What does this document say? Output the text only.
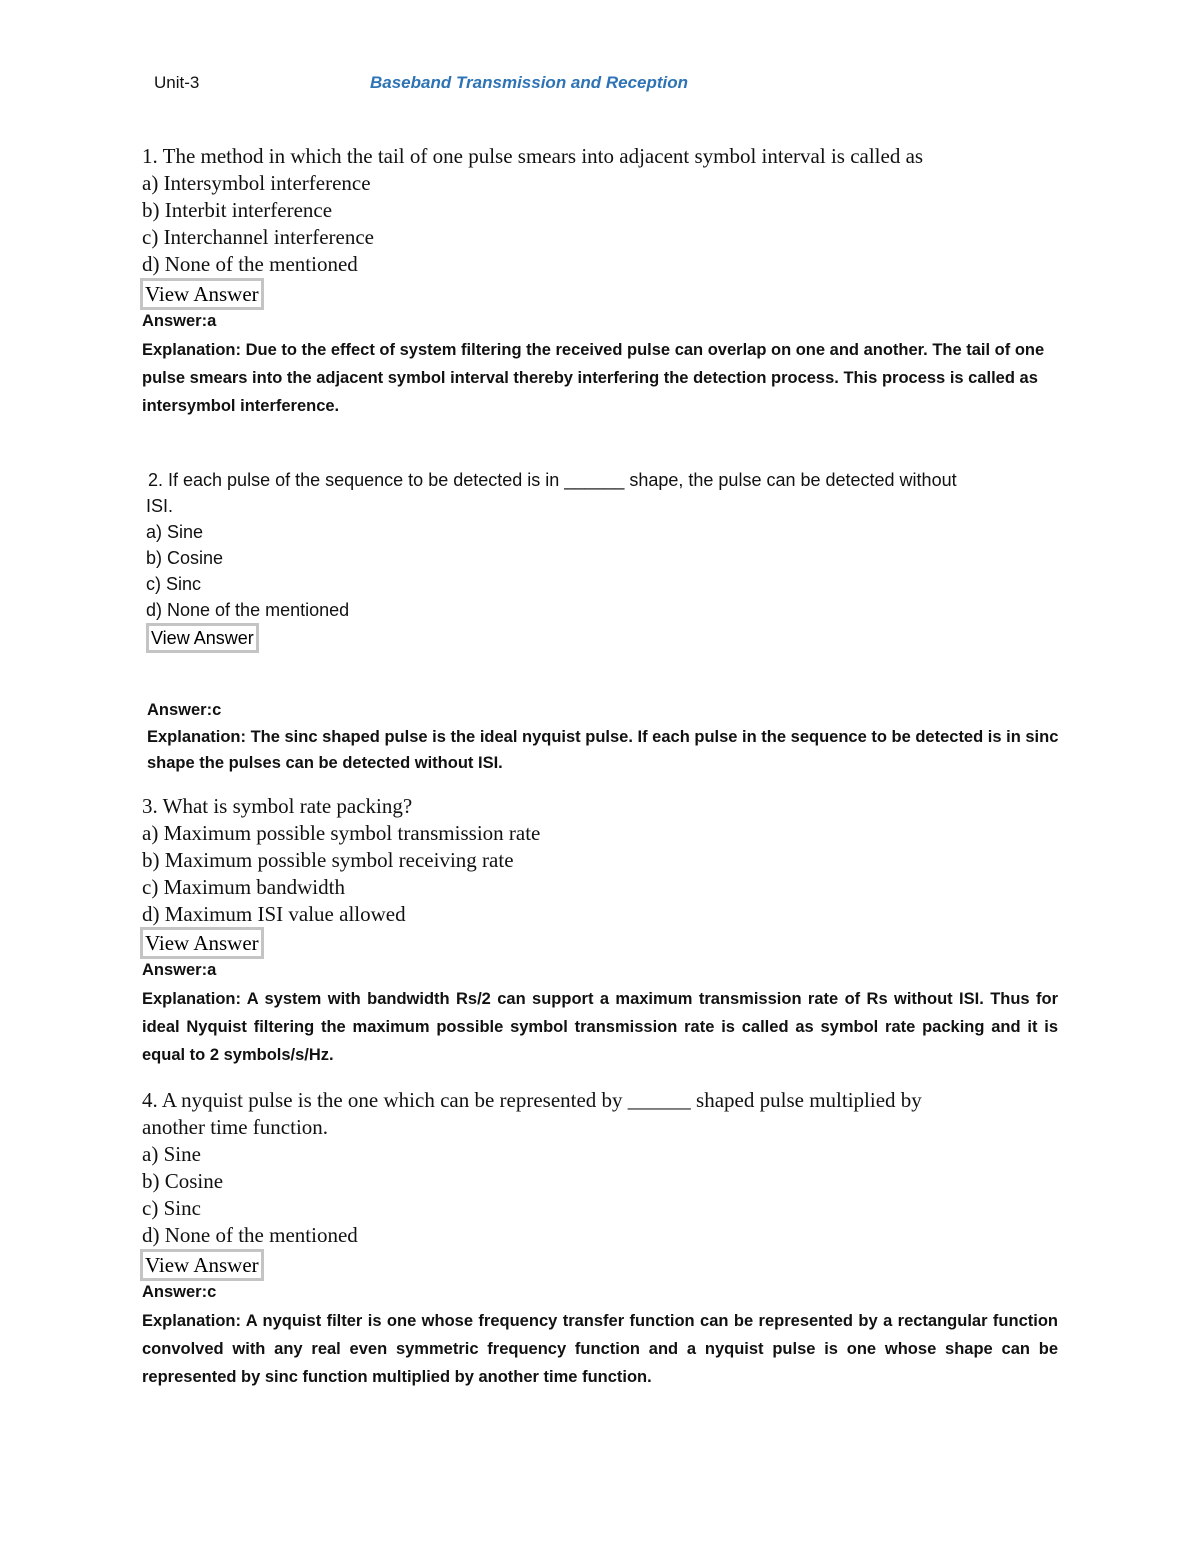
Unit-3	Baseband Transmission and Reception
1. The method in which the tail of one pulse smears into adjacent symbol interval is called as
a) Intersymbol interference
b) Interbit interference
c) Interchannel interference
d) None of the mentioned
View Answer
Answer:a
Explanation: Due to the effect of system filtering the received pulse can overlap on one and another. The tail of one pulse smears into the adjacent symbol interval thereby interfering the detection process. This process is called as intersymbol interference.
2. If each pulse of the sequence to be detected is in ______ shape, the pulse can be detected without
ISI.
a) Sine
b) Cosine
c) Sinc
d) None of the mentioned
View Answer
Answer:c
Explanation: The sinc shaped pulse is the ideal nyquist pulse. If each pulse in the sequence to be detected is in sinc shape the pulses can be detected without ISI.
3. What is symbol rate packing?
a) Maximum possible symbol transmission rate
b) Maximum possible symbol receiving rate
c) Maximum bandwidth
d) Maximum ISI value allowed
View Answer
Answer:a
Explanation: A system with bandwidth Rs/2 can support a maximum transmission rate of Rs without ISI. Thus for ideal Nyquist filtering the maximum possible symbol transmission rate is called as symbol rate packing and it is equal to 2 symbols/s/Hz.
4. A nyquist pulse is the one which can be represented by ______ shaped pulse multiplied by
another time function.
a) Sine
b) Cosine
c) Sinc
d) None of the mentioned
View Answer
Answer:c
Explanation: A nyquist filter is one whose frequency transfer function can be represented by a rectangular function convolved with any real even symmetric frequency function and a nyquist pulse is one whose shape can be represented by sinc function multiplied by another time function.
